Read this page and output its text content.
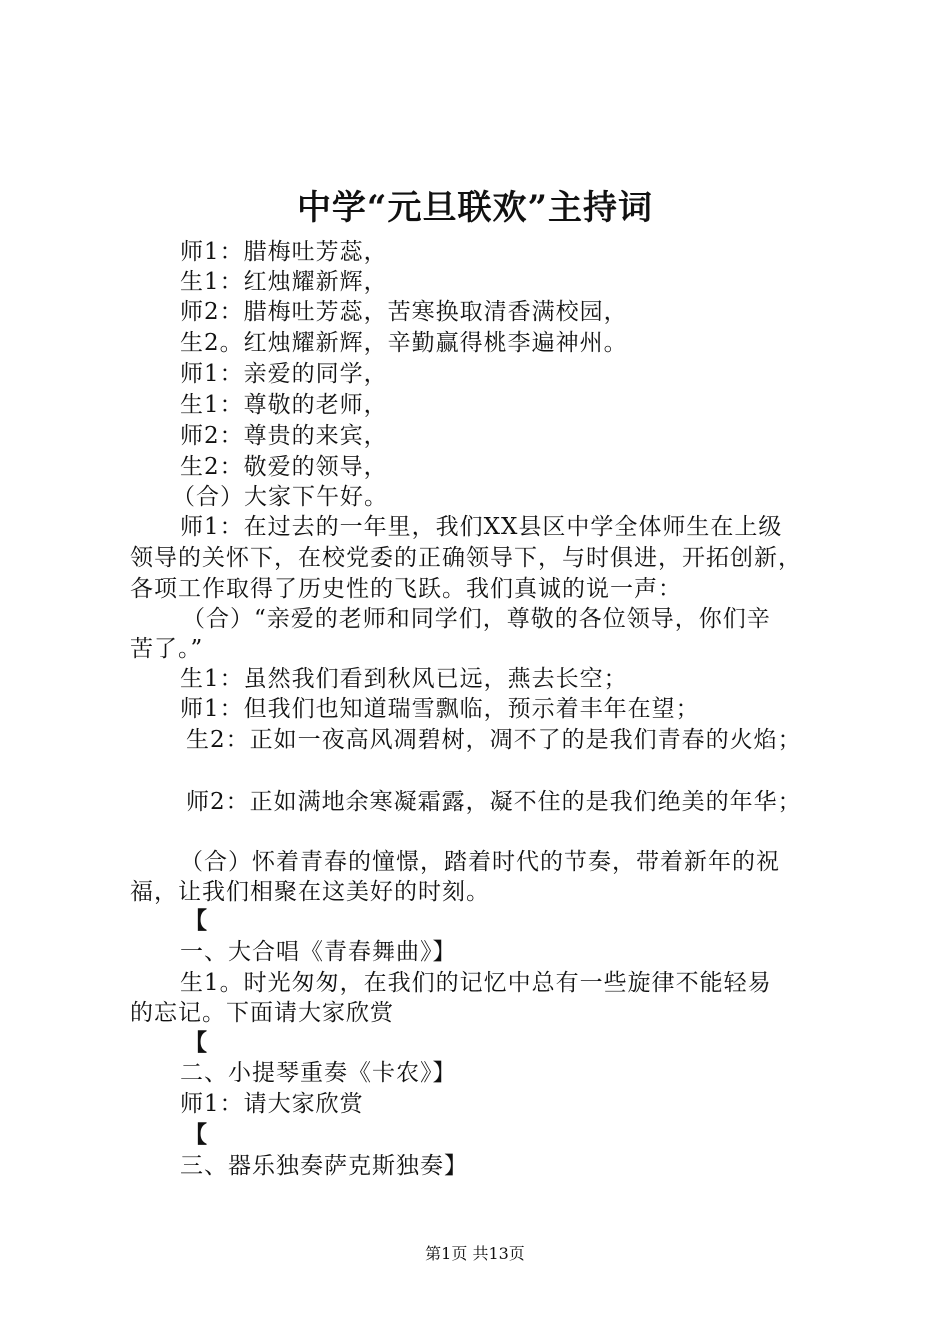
中学“元旦联欢”主持词
师1：腊梅吐芳蕊，
生1：红烛耀新辉，
师2：腊梅吐芳蕊，苦寒换取清香满校园，
生2。红烛耀新辉，辛勤赢得桃李遍神州。
师1：亲爱的同学，
生1：尊敬的老师，
师2：尊贵的来宾，
生2：敬爱的领导，
（合）大家下午好。
师1：在过去的一年里，我们XX县区中学全体师生在上级
领导的关怀下，在校党委的正确领导下，与时俱进，开拓创新，
各项工作取得了历史性的飞跃。我们真诚的说一声：
（合）“亲爱的老师和同学们，尊敬的各位领导，你们辛
苦了。”
生1：虽然我们看到秋风已远，燕去长空；
师1：但我们也知道瑞雪飘临，预示着丰年在望；
生2：正如一夜高风凋碧树，凋不了的是我们青春的火焰；
师2：正如满地余寒凝霜露，凝不住的是我们绝美的年华；
（合）怀着青春的憧憬，踏着时代的节奏，带着新年的祝
福，让我们相聚在这美好的时刻。
【
一、大合唱《青春舞曲》】
生1。时光匆匆，在我们的记忆中总有一些旋律不能轻易
的忘记。下面请大家欣赏
【
二、小提琴重奏《卡农》】
师1：请大家欣赏
【
三、器乐独奏萨克斯独奏】
第1页 共13页
